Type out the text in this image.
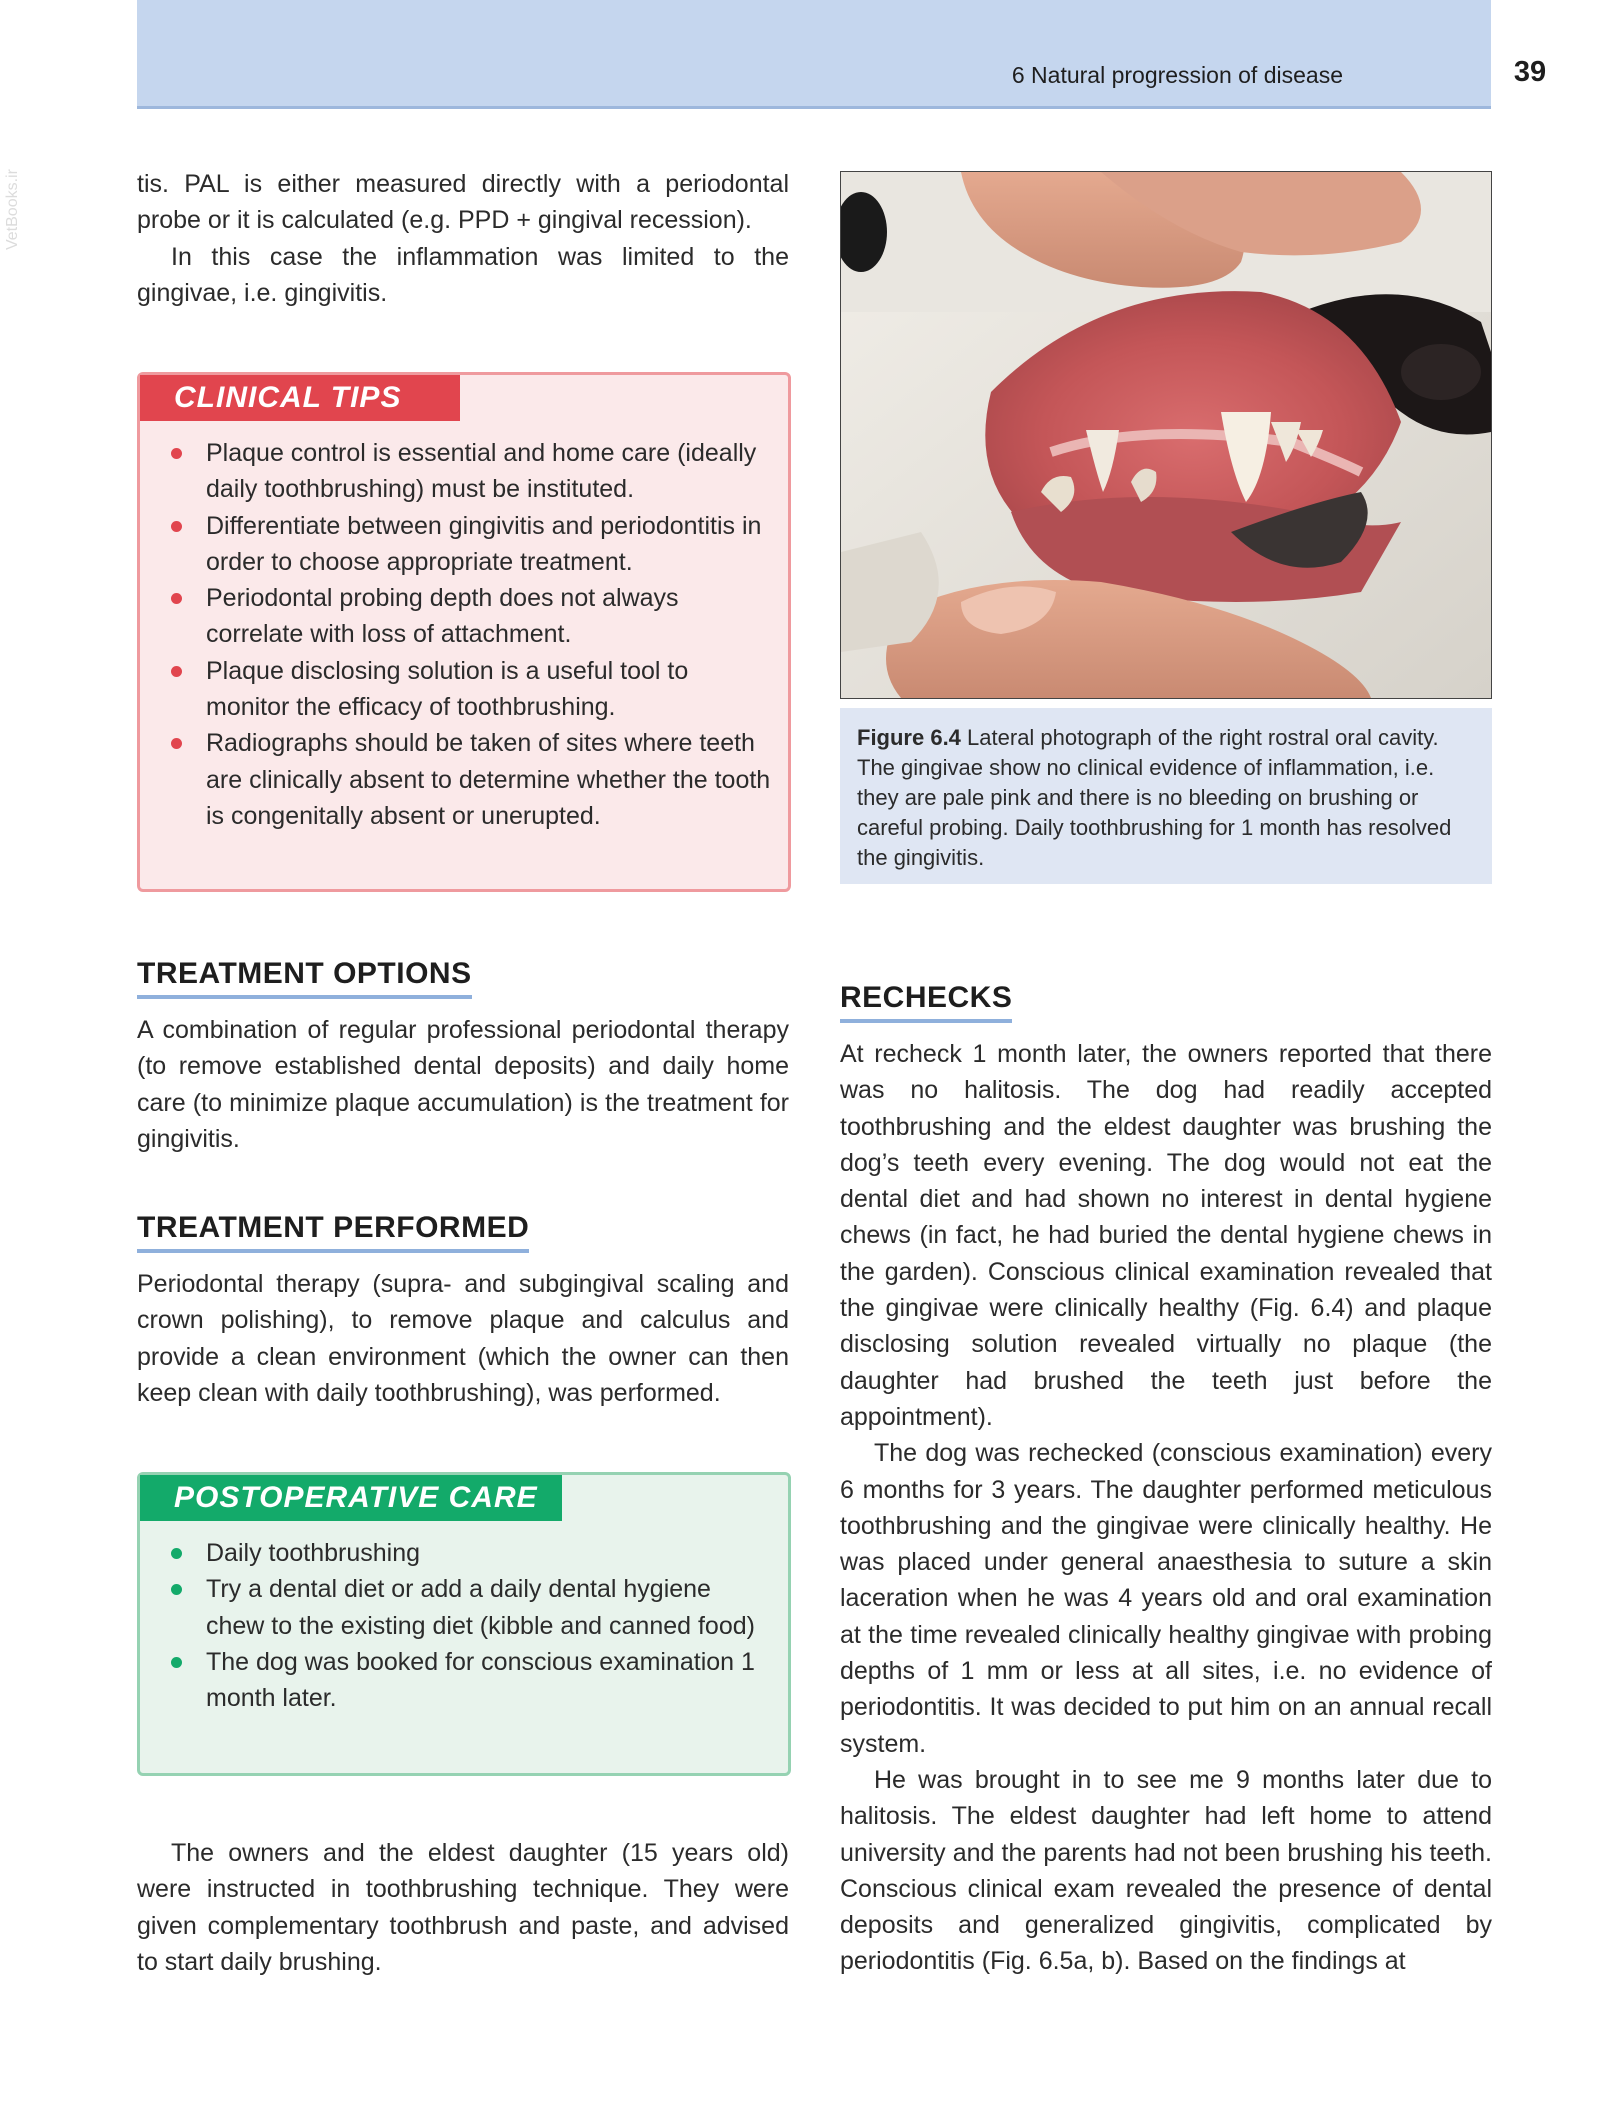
6 Natural progression of disease	39
VetBooks.ir	tis. PAL is either measured directly with a periodontal probe or it is calculated (e.g. PPD + gingival recession).

In this case the inflammation was limited to the gingivae, i.e. gingivitis.

CLINICAL TIPS
Plaque control is essential and home care (ideally daily toothbrushing) must be instituted.
Differentiate between gingivitis and periodontitis in order to choose appropriate treatment.
Periodontal probing depth does not always correlate with loss of attachment.
Plaque disclosing solution is a useful tool to monitor the efficacy of toothbrushing.
Radiographs should be taken of sites where teeth are clinically absent to determine whether the tooth is congenitally absent or unerupted.
Figure 6.4 Lateral photograph of the right rostral oral cavity. The gingivae show no clinical evidence of inflammation, i.e. they are pale pink and there is no bleeding on brushing or careful probing. Daily toothbrushing for 1 month has resolved the gingivitis.
TREATMENT OPTIONS

A combination of regular professional periodontal therapy (to remove established dental deposits) and daily home care (to minimize plaque accumulation) is the treatment for gingivitis.

TREATMENT PERFORMED

Periodontal therapy (supra- and subgingival scaling and crown polishing), to remove plaque and calculus and provide a clean environment (which the owner can then keep clean with daily toothbrushing), was performed.

POSTOPERATIVE CARE
Daily toothbrushing
Try a dental diet or add a daily dental hygiene chew to the existing diet (kibble and canned food)
The dog was booked for conscious examination 1 month later.

The owners and the eldest daughter (15 years old) were instructed in toothbrushing technique. They were given complementary toothbrush and paste, and advised to start daily brushing.

RECHECKS

At recheck 1 month later, the owners reported that there was no halitosis. The dog had readily accepted toothbrushing and the eldest daughter was brushing the dog’s teeth every evening. The dog would not eat the dental diet and had shown no interest in dental hygiene chews (in fact, he had buried the dental hygiene chews in the garden). Conscious clinical examination revealed that the gingivae were clinically healthy (Fig. 6.4) and plaque disclosing solution revealed virtually no plaque (the daughter had brushed the teeth just before the appointment).

The dog was rechecked (conscious examination) every 6 months for 3 years. The daughter performed meticulous toothbrushing and the gingivae were clinically healthy. He was placed under general anaesthesia to suture a skin laceration when he was 4 years old and oral examination at the time revealed clinically healthy gingivae with probing depths of 1 mm or less at all sites, i.e. no evidence of periodontitis. It was decided to put him on an annual recall system.

He was brought in to see me 9 months later due to halitosis. The eldest daughter had left home to attend university and the parents had not been brushing his teeth. Conscious clinical exam revealed the presence of dental deposits and generalized gingivitis, complicated by periodontitis (Fig. 6.5a, b). Based on the findings at
